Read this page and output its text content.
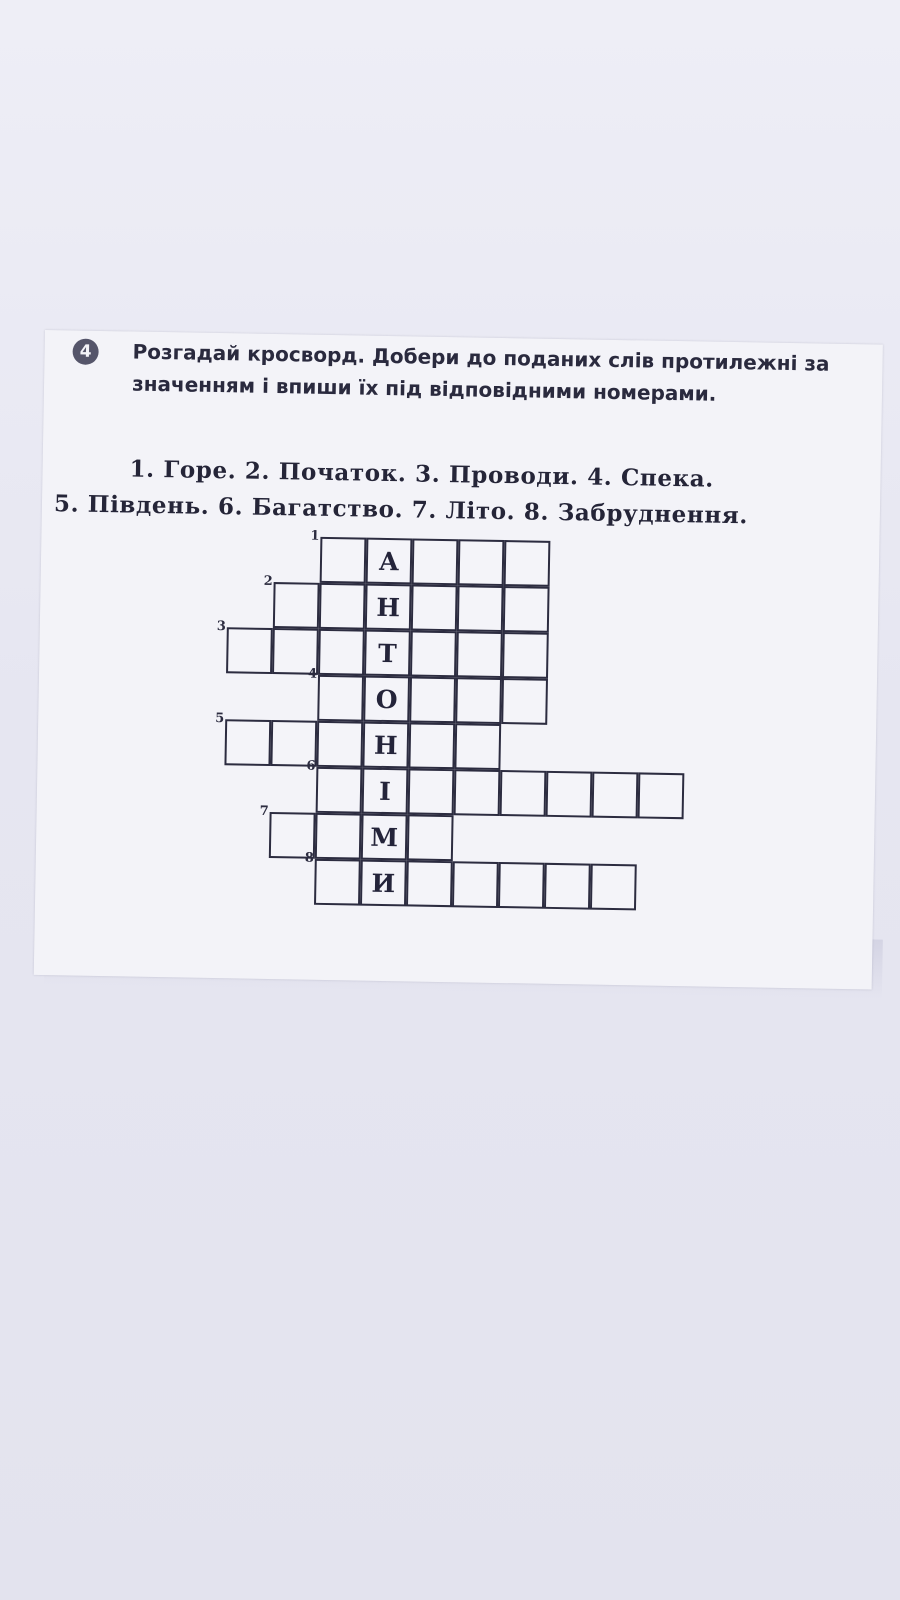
4	Розгадай кросворд. Добери до поданих слів протилежні за значенням і впиши їх під відповідними номерами.
1. Горе. 2. Початок. 3. Проводи. 4. Спека.
5. Південь. 6. Багатство. 7. Літо. 8. Забруднення.
1
А
2
Н
3
Т
4
О
5
Н
6
І
7
М
8
И
